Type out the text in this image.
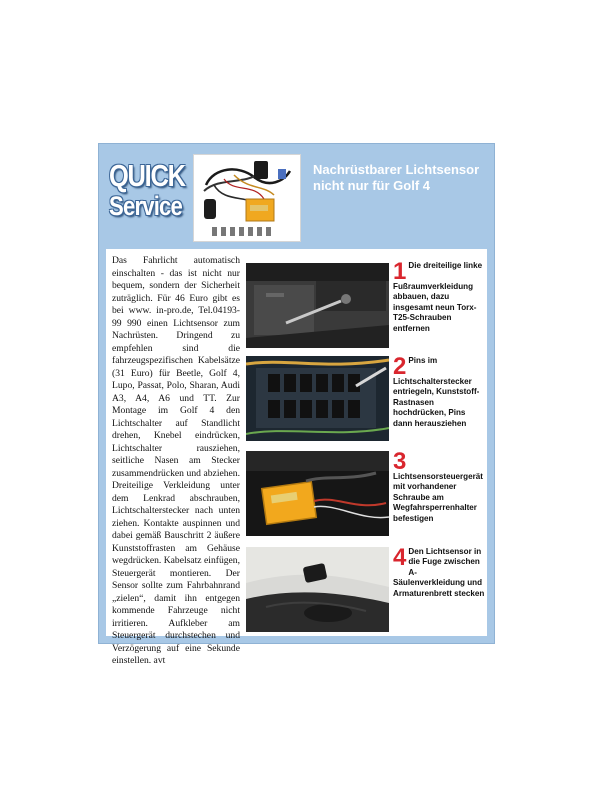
QUICK
Service
Nachrüstbarer Lichtsensor nicht nur für Golf 4

Das Fahrlicht automatisch einschalten - das ist nicht nur bequem, sondern der Sicherheit zuträglich. Für 46 Euro gibt es bei www. in-pro.de, Tel.04193-99 990 einen Lichtsensor zum Nachrüsten. Dringend zu empfehlen sind die fahrzeugspezifischen Kabelsätze (31 Euro) für Beetle, Golf 4, Lupo, Passat, Polo, Sharan, Audi A3, A4, A6 und TT. Zur Montage im Golf 4 den Lichtschalter auf Standlicht drehen, Knebel eindrücken, Lichtschalter rausziehen, seitliche Nasen am Stecker zusammendrücken und abziehen. Dreiteilige Verkleidung unter dem Lenkrad abschrauben, Lichtschalterstecker nach unten ziehen. Kontakte auspinnen und dabei gemäß Bauschritt 2 äußere Kunststoffrasten am Gehäuse wegdrücken. Kabelsatz einfügen, Steuergerät montieren. Der Sensor sollte zum Fahrbahnrand „zielen“, damit ihn entgegen kommende Fahrzeuge nicht irritieren. Aufkleber am Steuergerät durchstechen und Verzögerung auf eine Sekunde einstellen. avt

1 Die dreiteilige linke Fußraumverkleidung abbauen, dazu insgesamt neun Torx-T25-Schrauben entfernen
2 Pins im Lichtschalterstecker entriegeln, Kunststoff-Rastnasen hochdrücken, Pins dann herausziehen
3
Lichtsensorsteuergerät mit vorhandener Schraube am Wegfahrsperrenhalter befestigen
4 Den Lichtsensor in die Fuge zwischen A-Säulenverkleidung und Armaturenbrett stecken
